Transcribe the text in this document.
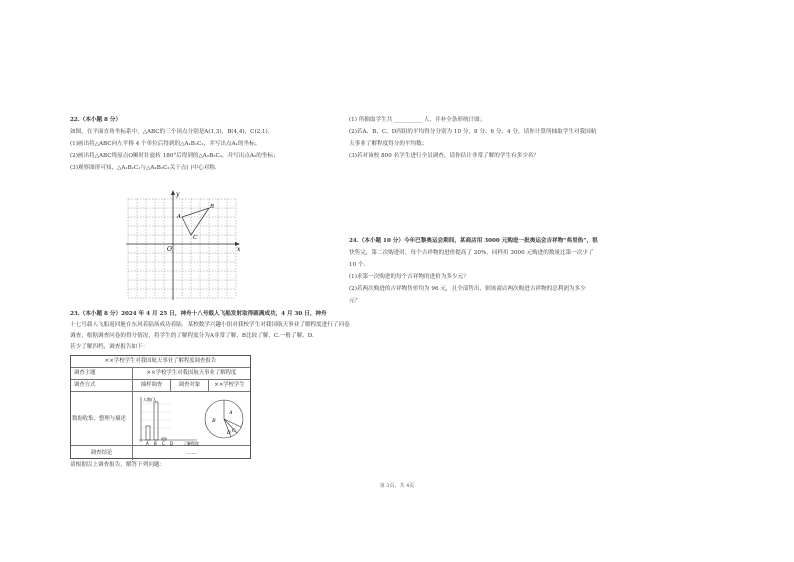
22.（本小题 8 分）
如图，在平面直角坐标系中，△ABC的三个顶点分别是A(1,3)，B(4,4)，C(2,1)．
(1)画出将△ABC向左平移 4 个单位后得到的△A₁B₁C₁，并写出点A₁的坐标；
(2)画出将△ABC绕原点O顺时针旋转 180°后得到的△A₂B₂C₂，并写出点A₂的坐标；
(3)观察图形可知，△A₁B₁C₁与△A₂B₂C₂关于点( )中心对称．
y
x
O
A
B
C
23.（本小题 8 分）2024 年 4 月 25 日，神舟十八号载人飞船发射取得圆满成功，4 月 30 日，神舟
十七号载人飞船返回舱在东风着陆场成功着陆．某校数学兴趣小组对我校学生对我国航天事业了解程度进行了问卷
调查，根据调查问卷的得分情况，将学生的了解程度分为A非常了解、B比较了解、C.一般了解、D.
甚少了解四档，调查报告如下：
××学校学生对我国航天事业了解程度调查报告
调查主题	××学校学生对我国航天事业了解程度
调查方式	抽样调查	调查对象	××学校学生
数据收集、整理与描述
人数/人
了解程度
A B C D
A
B
C
D
调查结论	……
请根据以上调查报告，解答下列问题：
(1) 所抽取学生共 __________ 人，并补全条形统计图；
(2)若A、B、C、D四组的平均得分分别为 10 分、8 分、6 分、4 分，请你计算所抽取学生对我国航
天事业了解程度得分的平均数；
(3)若对该校 800 名学生进行全员调查，请你估计非常了解的学生有多少名？
24.（本小题 10 分）今年巴黎奥运会期间，某商店用 3000 元购进一批奥运会吉祥物“弗里热”，很
快售完，第二次购进时，每个吉祥物的进价提高了 20%，同样用 3000 元购进的数量比第一次少了
10 个．
(1)求第一次购进的每个吉祥物的进价为多少元？
(2)若两次购进的吉祥物售价均为 96 元，且全部售出，则该商店两次购进吉祥物的总利润为多少
元？
第 3页，共 4页
